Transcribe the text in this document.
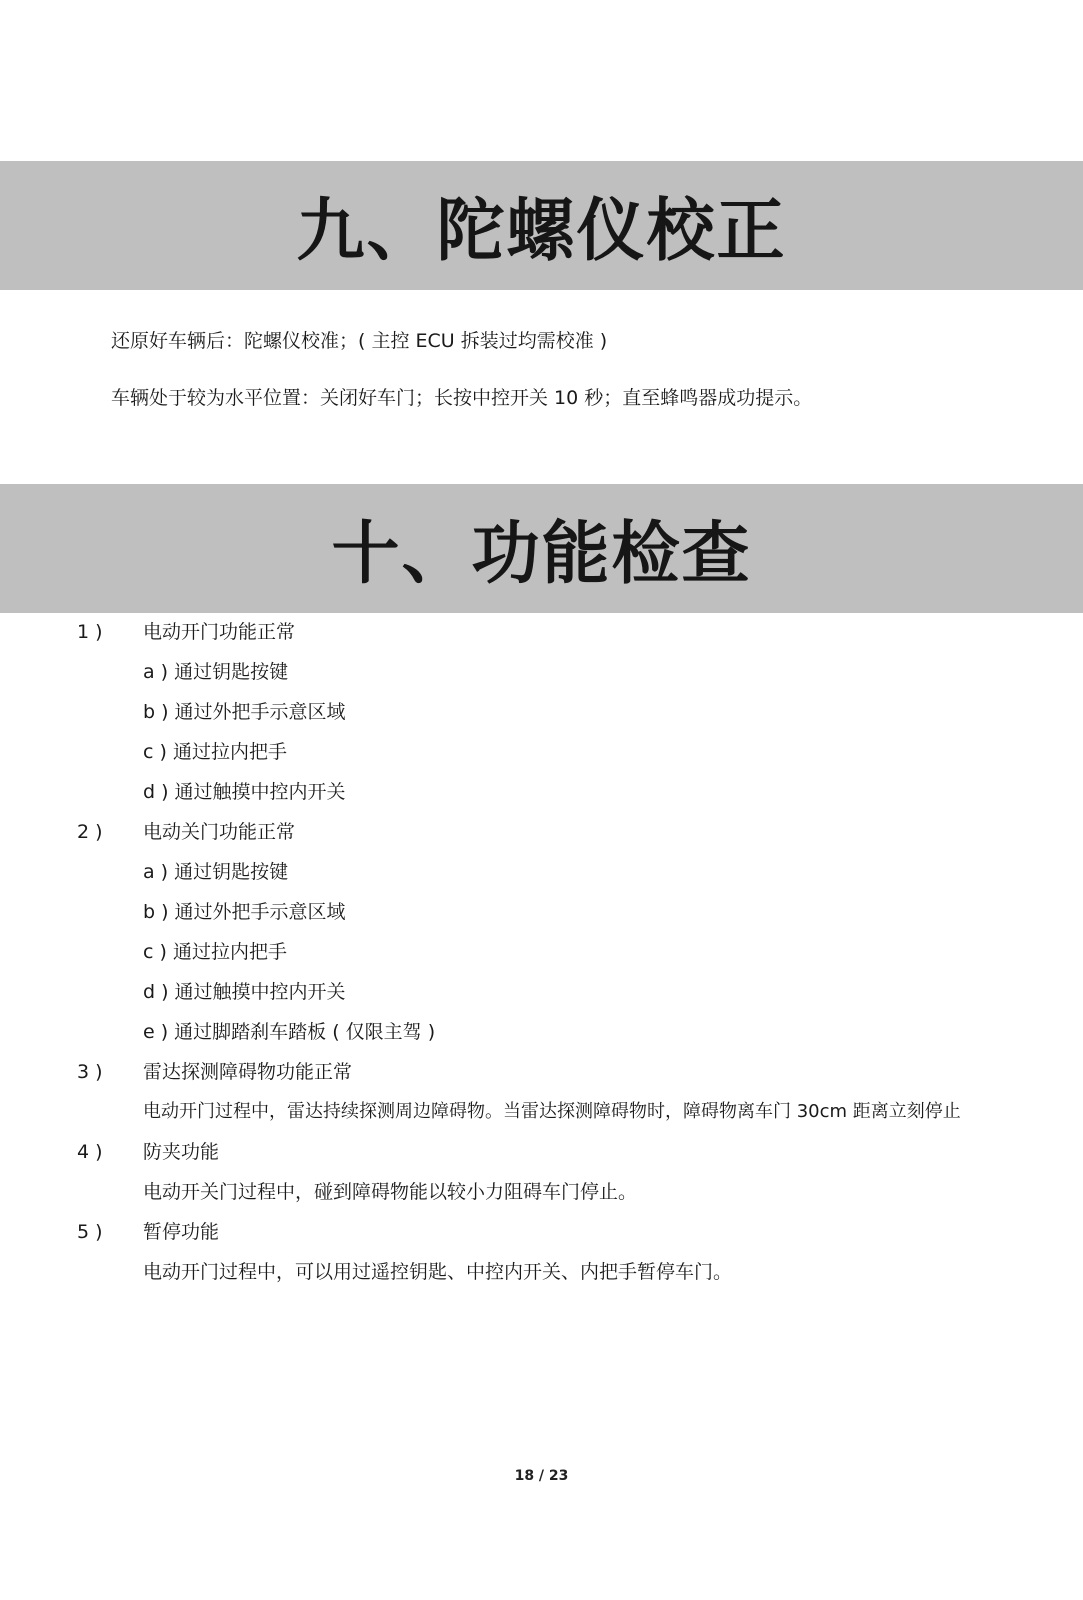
九、陀螺仪校正
还原好车辆后：陀螺仪校准；( 主控 ECU 拆装过均需校准 )
车辆处于较为水平位置：关闭好车门；长按中控开关 10 秒；直至蜂鸣器成功提示。
十、功能检查
1 ) 电动开门功能正常
a ) 通过钥匙按键
b ) 通过外把手示意区域
c ) 通过拉内把手
d ) 通过触摸中控内开关
2 ) 电动关门功能正常
a ) 通过钥匙按键
b ) 通过外把手示意区域
c ) 通过拉内把手
d ) 通过触摸中控内开关
e ) 通过脚踏刹车踏板 ( 仅限主驾 )
3 ) 雷达探测障碍物功能正常
电动开门过程中，雷达持续探测周边障碍物。当雷达探测障碍物时，障碍物离车门 30cm 距离立刻停止
4 ) 防夹功能
电动开关门过程中，碰到障碍物能以较小力阻碍车门停止。
5 ) 暂停功能
电动开门过程中，可以用过遥控钥匙、中控内开关、内把手暂停车门。
18 / 23
